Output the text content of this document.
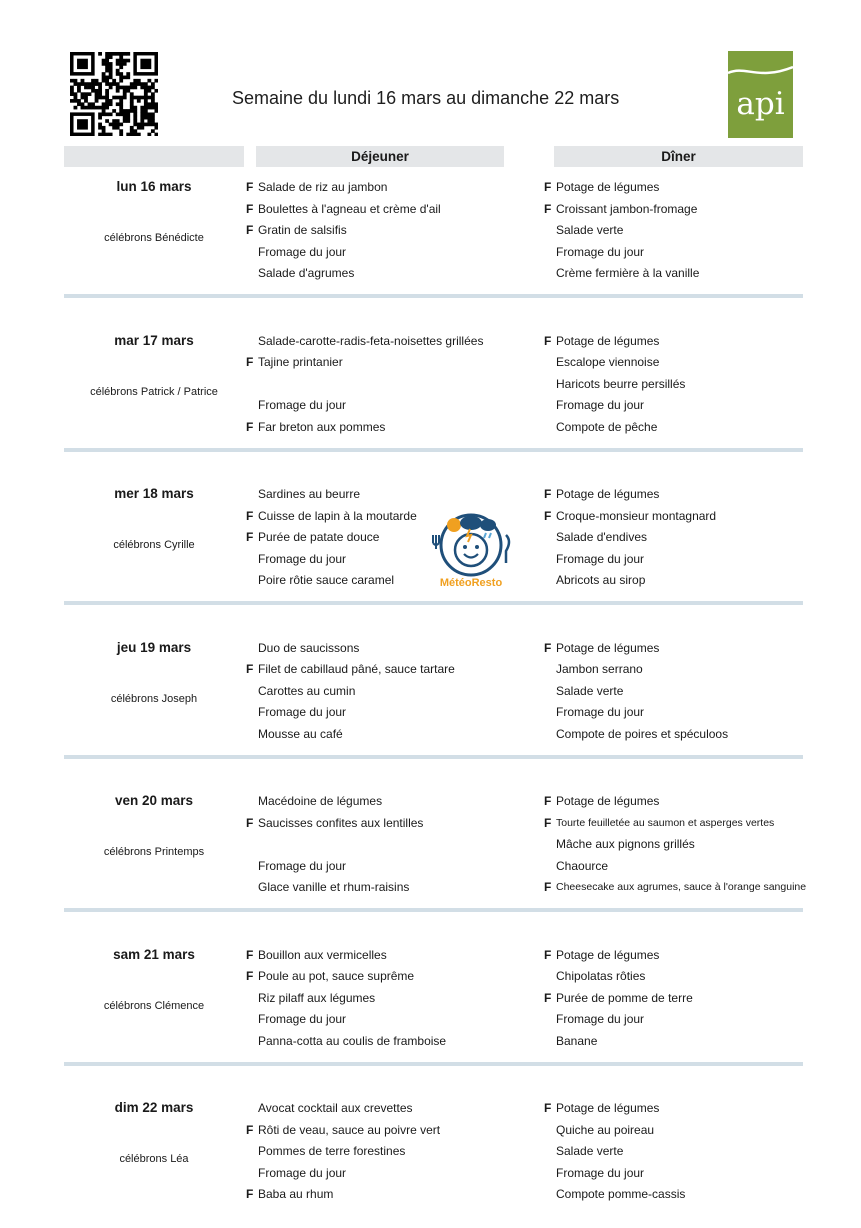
Semaine du lundi 16 mars au dimanche 22 mars	api
Déjeuner	Dîner
lun 16 mars
célébrons Bénédicte
F Salade de riz au jambon
F Boulettes à l'agneau et crème d'ail
F Gratin de salsifis
Fromage du jour
Salade d'agrumes
F Potage de légumes
F Croissant jambon-fromage
Salade verte
Fromage du jour
Crème fermière à la vanille
mar 17 mars
célébrons Patrick / Patrice
Salade-carotte-radis-feta-noisettes grillées
F Tajine printanier
Fromage du jour
F Far breton aux pommes
F Potage de légumes
Escalope viennoise
Haricots beurre persillés
Fromage du jour
Compote de pêche
mer 18 mars
célébrons Cyrille
Sardines au beurre
F Cuisse de lapin à la moutarde
F Purée de patate douce
Fromage du jour
Poire rôtie sauce caramel
F Potage de légumes
F Croque-monsieur montagnard
Salade d'endives
Fromage du jour
Abricots au sirop
jeu 19 mars
célébrons Joseph
Duo de saucissons
F Filet de cabillaud pâné, sauce tartare
Carottes au cumin
Fromage du jour
Mousse au café
F Potage de légumes
Jambon serrano
Salade verte
Fromage du jour
Compote de poires et spéculoos
ven 20 mars
célébrons Printemps
Macédoine de légumes
F Saucisses confites aux lentilles
Fromage du jour
Glace vanille et rhum-raisins
F Potage de légumes
F Tourte feuilletée au saumon et asperges vertes
Mâche aux pignons grillés
Chaource
F Cheesecake aux agrumes, sauce à l'orange sanguine
sam 21 mars
célébrons Clémence
F Bouillon aux vermicelles
F Poule au pot, sauce suprême
Riz pilaff aux légumes
Fromage du jour
Panna-cotta au coulis de framboise
F Potage de légumes
Chipolatas rôties
F Purée de pomme de terre
Fromage du jour
Banane
dim 22 mars
célébrons Léa
Avocat cocktail aux crevettes
F Rôti de veau, sauce au poivre vert
Pommes de terre forestines
Fromage du jour
F Baba au rhum
F Potage de légumes
Quiche au poireau
Salade verte
Fromage du jour
Compote pomme-cassis
MétéoResto
